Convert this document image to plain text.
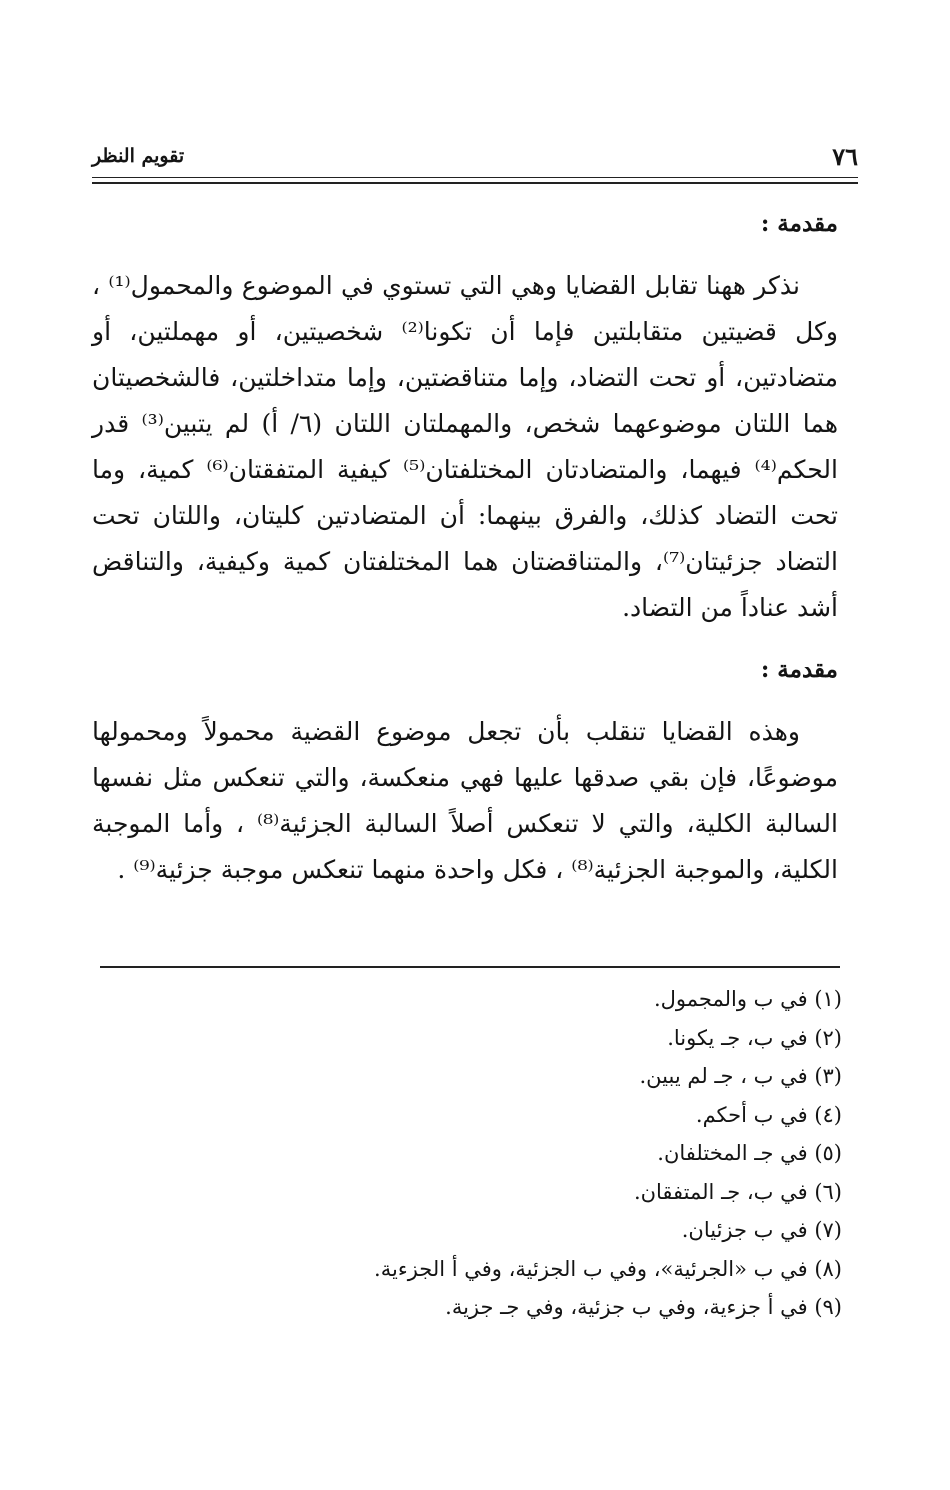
٧٦
تقويم النظر

مقدمة :

نذكر ههنا تقابل القضايا وهي التي تستوي في الموضوع والمحمول⁽¹⁾ ، وكل قضيتين متقابلتين فإما أن تكونا⁽²⁾ شخصيتين، أو مهملتين، أو متضادتين، أو تحت التضاد، وإما متناقضتين، وإما متداخلتين، فالشخصيتان هما اللتان موضوعهما شخص، والمهملتان اللتان (٦/ أ) لم يتبين⁽³⁾ قدر الحكم⁽⁴⁾ فيهما، والمتضادتان المختلفتان⁽⁵⁾ كيفية المتفقتان⁽⁶⁾ كمية، وما تحت التضاد كذلك، والفرق بينهما: أن المتضادتين كليتان، واللتان تحت التضاد جزئيتان⁽⁷⁾، والمتناقضتان هما المختلفتان كمية وكيفية، والتناقض أشد عناداً من التضاد.

مقدمة :

وهذه القضايا تنقلب بأن تجعل موضوع القضية محمولاً ومحمولها موضوعًا، فإن بقي صدقها عليها فهي منعكسة، والتي تنعكس مثل نفسها السالبة الكلية، والتي لا تنعكس أصلاً السالبة الجزئية⁽⁸⁾ ، وأما الموجبة الكلية، والموجبة الجزئية⁽⁸⁾ ، فكل واحدة منهما تنعكس موجبة جزئية⁽⁹⁾ .

(١) في ب والمجمول.
(٢) في ب، جـ يكونا.
(٣) في ب ، جـ لم يبين.
(٤) في ب أحكم.
(٥) في جـ المختلفان.
(٦) في ب، جـ المتفقان.
(٧) في ب جزئيان.
(٨) في ب «الجرئية»، وفي ب الجزئية، وفي أ الجزءية.
(٩) في أ جزءية، وفي ب جزئية، وفي جـ جزية.
